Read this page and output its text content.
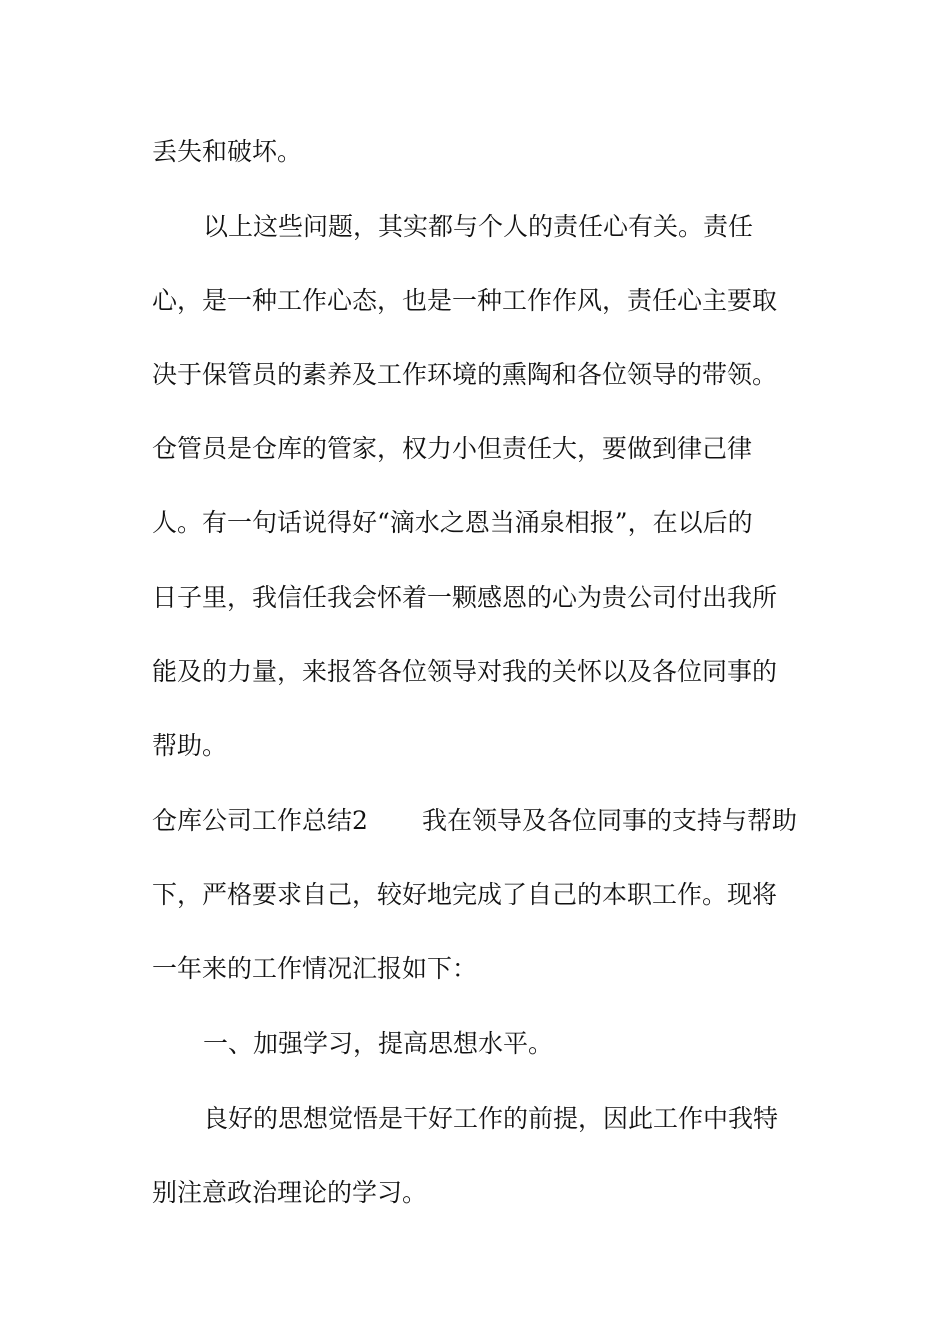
丢失和破坏。
以上这些问题，其实都与个人的责任心有关。责任
心，是一种工作心态，也是一种工作作风，责任心主要取
决于保管员的素养及工作环境的熏陶和各位领导的带领。
仓管员是仓库的管家，权力小但责任大，要做到律己律
人。有一句话说得好“滴水之恩当涌泉相报”，在以后的
日子里，我信任我会怀着一颗感恩的心为贵公司付出我所
能及的力量，来报答各位领导对我的关怀以及各位同事的
帮助。
仓库公司工作总结2 我在领导及各位同事的支持与帮助
下，严格要求自己，较好地完成了自己的本职工作。现将
一年来的工作情况汇报如下：
一、加强学习，提高思想水平。
良好的思想觉悟是干好工作的前提，因此工作中我特
别注意政治理论的学习。
